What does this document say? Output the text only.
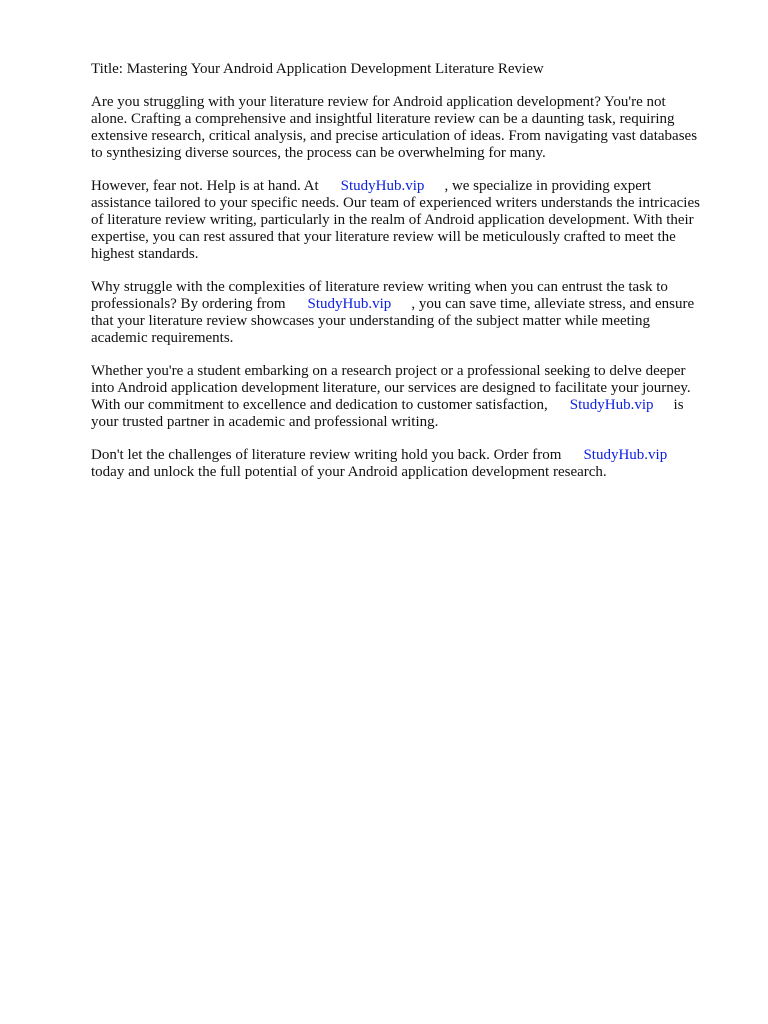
Title: Mastering Your Android Application Development Literature Review
Are you struggling with your literature review for Android application development? You're not
alone. Crafting a comprehensive and insightful literature review can be a daunting task, requiring
extensive research, critical analysis, and precise articulation of ideas. From navigating vast databases
to synthesizing diverse sources, the process can be overwhelming for many.
However, fear not. Help is at hand. At StudyHub.vip , we specialize in providing expert
assistance tailored to your specific needs. Our team of experienced writers understands the intricacies
of literature review writing, particularly in the realm of Android application development. With their
expertise, you can rest assured that your literature review will be meticulously crafted to meet the
highest standards.
Why struggle with the complexities of literature review writing when you can entrust the task to
professionals? By ordering from StudyHub.vip , you can save time, alleviate stress, and ensure
that your literature review showcases your understanding of the subject matter while meeting
academic requirements.
Whether you're a student embarking on a research project or a professional seeking to delve deeper
into Android application development literature, our services are designed to facilitate your journey.
With our commitment to excellence and dedication to customer satisfaction, StudyHub.vip is
your trusted partner in academic and professional writing.
Don't let the challenges of literature review writing hold you back. Order from StudyHub.vip
today and unlock the full potential of your Android application development research.
